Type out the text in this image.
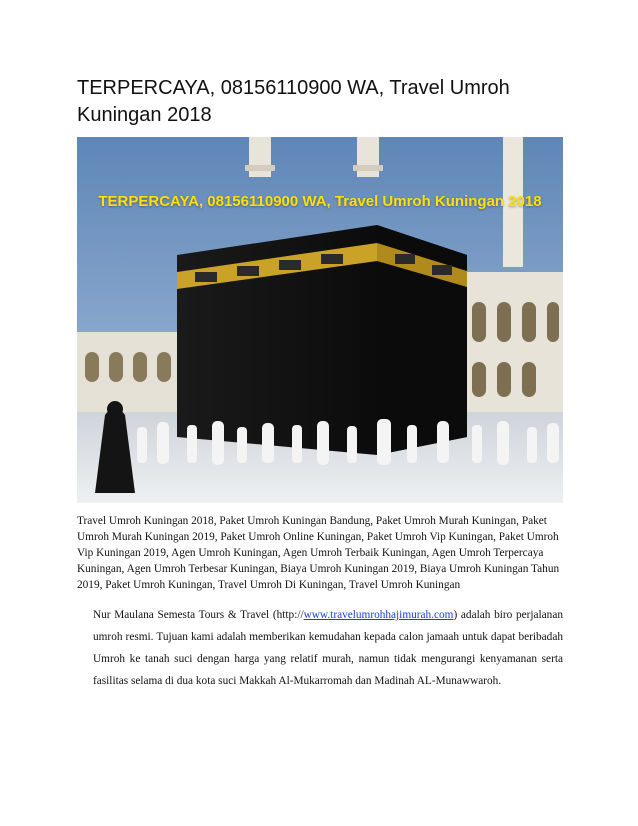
TERPERCAYA, 08156110900 WA, Travel Umroh Kuningan 2018
TERPERCAYA, 08156110900 WA, Travel Umroh Kuningan 2018

Travel Umroh Kuningan 2018, Paket Umroh Kuningan Bandung, Paket Umroh Murah Kuningan, Paket Umroh Murah Kuningan 2019, Paket Umroh Online Kuningan, Paket Umroh Vip Kuningan, Paket Umroh Vip Kuningan 2019, Agen Umroh Kuningan, Agen Umroh Terbaik Kuningan, Agen Umroh Terpercaya Kuningan, Agen Umroh Terbesar Kuningan, Biaya Umroh Kuningan 2019, Biaya Umroh Kuningan Tahun 2019, Paket Umroh Kuningan, Travel Umroh Di Kuningan, Travel Umroh Kuningan

Nur Maulana Semesta Tours & Travel (http://www.travelumrohhajimurah.com) adalah biro perjalanan umroh resmi. Tujuan kami adalah memberikan kemudahan kepada calon jamaah untuk dapat beribadah Umroh ke tanah suci dengan harga yang relatif murah, namun tidak mengurangi kenyamanan serta fasilitas selama di dua kota suci Makkah Al-Mukarromah dan Madinah AL-Munawwaroh.
